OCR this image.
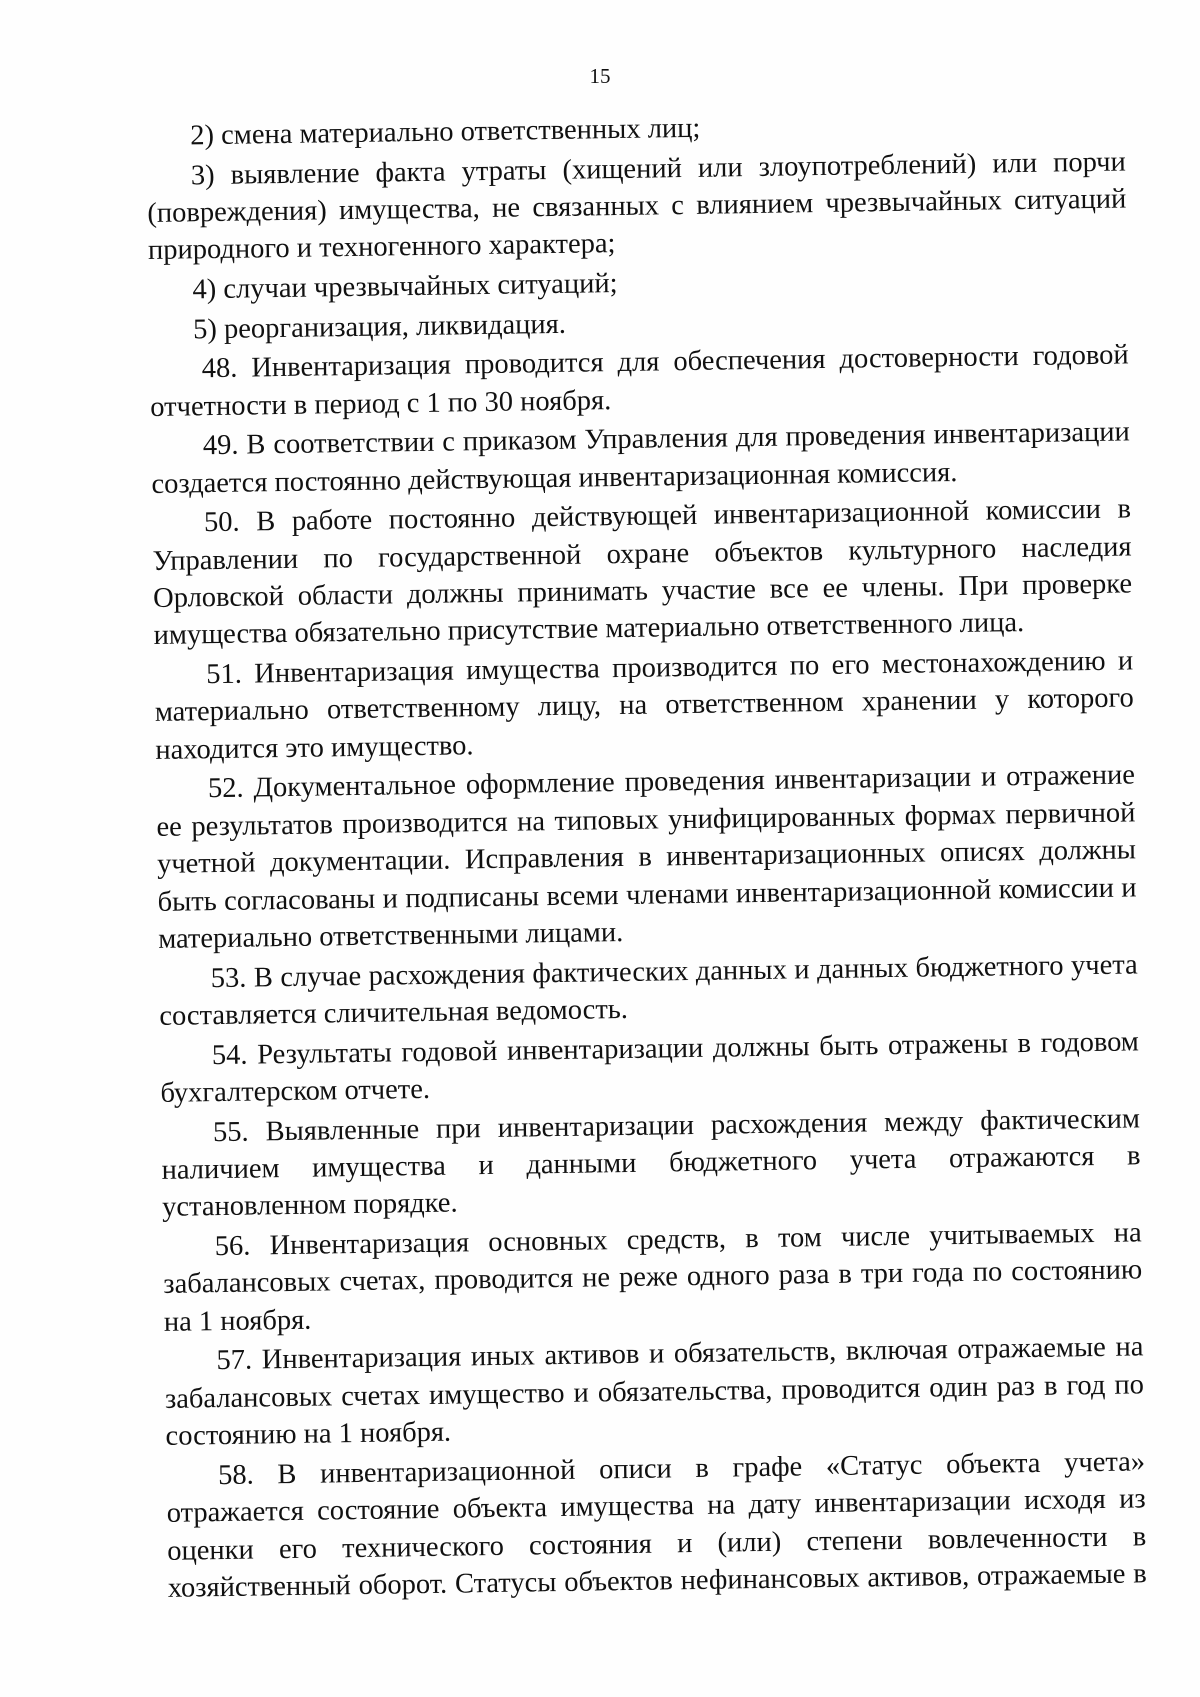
15

2) смена материально ответственных лиц;

3) выявление факта утраты (хищений или злоупотреблений) или порчи (повреждения) имущества, не связанных с влиянием чрезвычайных ситуаций природного и техногенного характера;

4) случаи чрезвычайных ситуаций;

5) реорганизация, ликвидация.

48. Инвентаризация проводится для обеспечения достоверности годовой отчетности в период с 1 по 30 ноября.

49. В соответствии с приказом Управления для проведения инвентаризации создается постоянно действующая инвентаризационная комиссия.

50. В работе постоянно действующей инвентаризационной комиссии в Управлении по государственной охране объектов культурного наследия Орловской области должны принимать участие все ее члены. При проверке имущества обязательно присутствие материально ответственного лица.

51. Инвентаризация имущества производится по его местонахождению и материально ответственному лицу, на ответственном хранении у которого находится это имущество.

52. Документальное оформление проведения инвентаризации и отражение ее результатов производится на типовых унифицированных формах первичной учетной документации. Исправления в инвентаризационных описях должны быть согласованы и подписаны всеми членами инвентаризационной комиссии и материально ответственными лицами.

53. В случае расхождения фактических данных и данных бюджетного учета составляется сличительная ведомость.

54. Результаты годовой инвентаризации должны быть отражены в годовом бухгалтерском отчете.

55. Выявленные при инвентаризации расхождения между фактическим наличием имущества и данными бюджетного учета отражаются в установленном порядке.

56. Инвентаризация основных средств, в том числе учитываемых на забалансовых счетах, проводится не реже одного раза в три года по состоянию на 1 ноября.

57. Инвентаризация иных активов и обязательств, включая отражаемые на забалансовых счетах имущество и обязательства, проводится один раз в год по состоянию на 1 ноября.

58. В инвентаризационной описи в графе «Статус объекта учета» отражается состояние объекта имущества на дату инвентаризации исходя из оценки его технического состояния и (или) степени вовлеченности в хозяйственный оборот. Статусы объектов нефинансовых активов, отражаемые в
